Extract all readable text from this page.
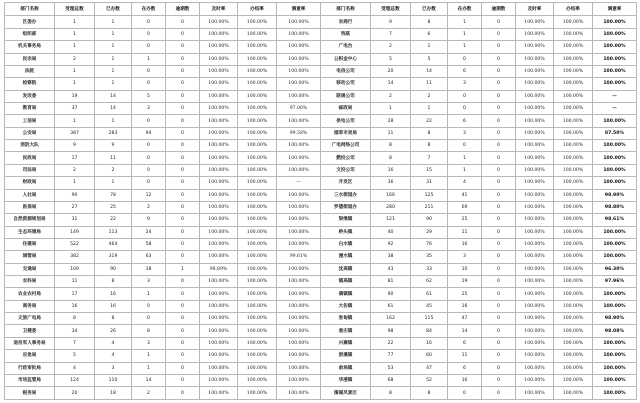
部门名称	受理总数	已办数	在办数	逾期数	及时率	办结率	满意率	部门名称	受理总数	已办数	在办数	逾期数	及时率	办结率	满意率
区委办	1	1	0	0	100.00%	100.00%	100.00%	农商行	9	8	1	0	100.00%	100.00%	100.00%
组织部	1	1	0	0	100.00%	100.00%	100.00%	残联	7	6	1	0	100.00%	100.00%	100.00%
机关事务局	1	1	0	0	100.00%	100.00%	100.00%	广电台	2	1	1	0	100.00%	100.00%	100.00%
民宗局	2	1	1	0	100.00%	100.00%	100.00%	公积金中心	5	5	0	0	100.00%	100.00%	100.00%
法院	1	1	0	0	100.00%	100.00%	100.00%	电信公司	20	14	6	0	100.00%	100.00%	100.00%
检察院	1	1	0	0	100.00%	100.00%	100.00%	移动公司	14	11	3	0	100.00%	100.00%	100.00%
发改委	19	14	5	0	100.00%	100.00%	100.00%	联通公司	2	2	0	0	100.00%	100.00%	—
教育局	37	14	3	0	100.00%	100.00%	97.06%	邮政局	1	1	0	0	100.00%	100.00%	—
工信局	1	1	0	0	100.00%	100.00%	100.00%	供电公司	28	22	6	0	100.00%	100.00%	100.00%
公安局	387	283	94	0	100.00%	100.00%	99.58%	烟草专卖局	11	8	3	0	100.00%	100.00%	87.50%
消防大队	9	9	0	0	100.00%	100.00%	100.00%	广电网络公司	8	8	0	0	100.00%	100.00%	100.00%
民政局	17	11	0	0	100.00%	100.00%	100.00%	燃投公司	8	7	1	0	100.00%	100.00%	100.00%
司法局	2	2	0	0	100.00%	100.00%	100.00%	文投公司	16	15	1	0	100.00%	100.00%	100.00%
财政局	1	1	0	0	100.00%	100.00%	—	开发区	36	31	4	0	100.00%	100.00%	100.00%
人社局	90	78	12	0	100.00%	100.00%	100.00%	三水街道办	166	125	41	0	100.00%	100.00%	98.90%
医保局	27	25	2	0	100.00%	100.00%	100.00%	罗德街道办	280	211	69	0	100.00%	100.00%	98.80%
自然资源规划局	31	22	9	0	100.00%	100.00%	100.00%	梁缘镇	121	90	25	0	100.00%	100.00%	98.61%
生态环境局	149	113	24	0	100.00%	100.00%	100.00%	桥头镇	40	29	11	0	100.00%	100.00%	100.00%
住建局	522	464	58	0	100.00%	100.00%	100.00%	白水镇	92	76	16	0	100.00%	100.00%	100.00%
城管局	382	319	63	0	100.00%	100.00%	99.61%	漫水镇	38	35	3	0	100.00%	100.00%	100.00%
交通局	109	90	18	1	98.89%	100.00%	100.00%	沈高镇	43	33	10	0	100.00%	100.00%	96.30%
农科局	11	8	3	0	100.00%	100.00%	100.00%	镇高镇	81	62	19	0	100.00%	100.00%	97.96%
农业农村局	17	16	1	0	100.00%	100.00%	100.00%	偶镇镇	90	61	25	0	100.00%	100.00%	100.00%
商务局	16	16	0	0	100.00%	100.00%	100.00%	大佐镇	61	45	16	0	100.00%	100.00%	100.00%
文旅广电局	8	8	0	0	100.00%	100.00%	100.00%	张甸镇	162	115	47	0	100.00%	100.00%	98.90%
卫健委	34	26	8	0	100.00%	100.00%	100.00%	姜庄镇	98	84	14	0	100.00%	100.00%	98.08%
退役军人事务局	7	4	3	0	100.00%	100.00%	100.00%	兴寨镇	22	16	6	0	100.00%	100.00%	100.00%
应急局	5	4	1	0	100.00%	100.00%	100.00%	淤溪镇	77	60	11	0	100.00%	100.00%	100.00%
行政审批局	4	3	1	0	100.00%	100.00%	100.00%	俞垛镇	53	47	6	0	100.00%	100.00%	100.00%
市场监管局	124	110	14	0	100.00%	100.00%	100.00%	华港镇	68	52	16	0	100.00%	100.00%	100.00%
税务局	20	18	2	0	100.00%	100.00%	100.00%	溱湖风景区	8	8	0	0	100.00%	100.00%	100.00%
